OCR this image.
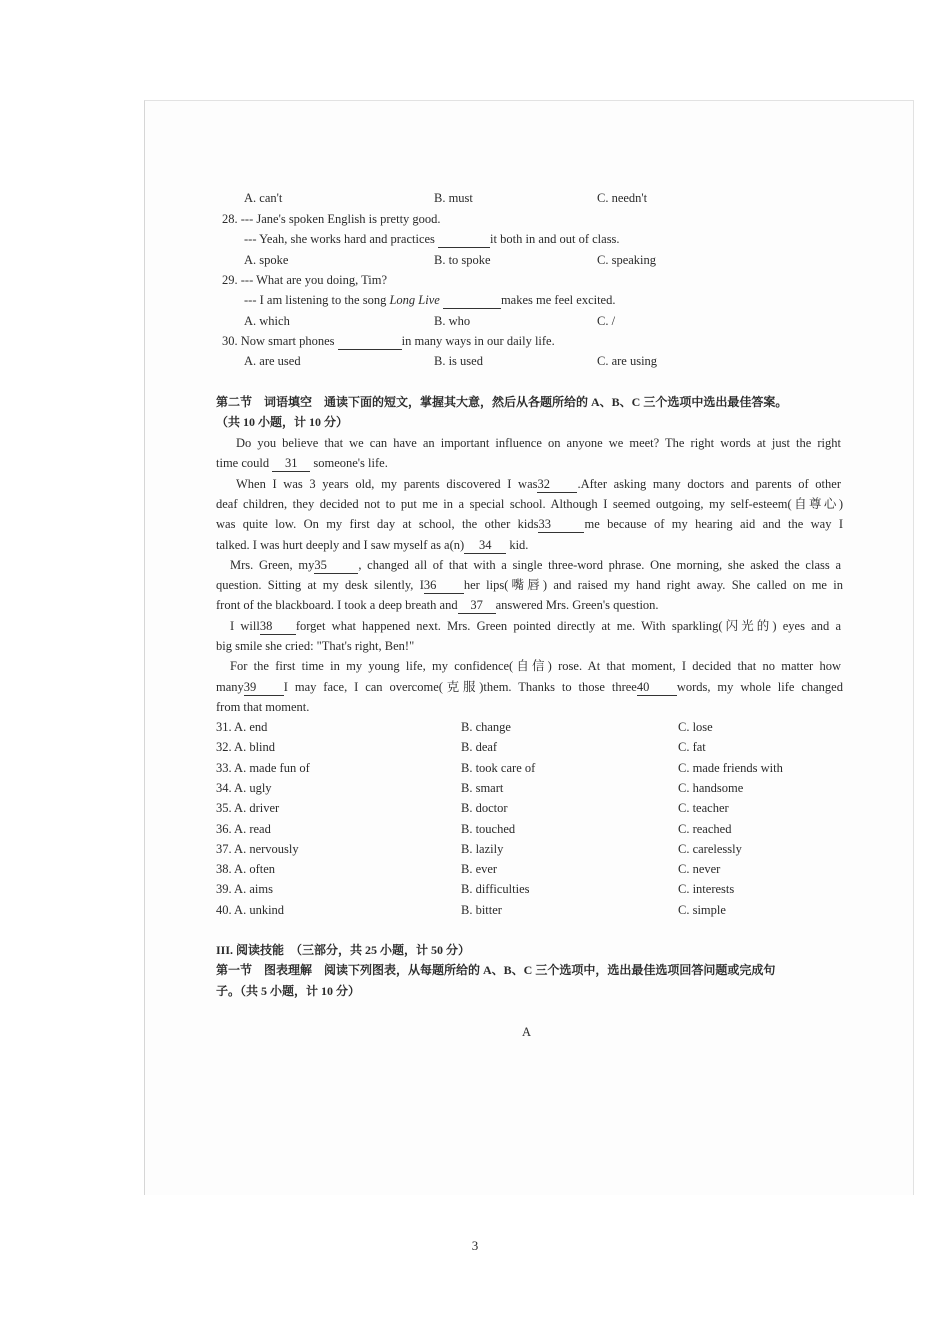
A. can't	B. must	C. needn't
28. --- Jane's spoken English is pretty good.
--- Yeah, she works hard and practices	it both in and out of class.
A. spoke	B. to spoke	C. speaking
29. --- What are you doing, Tim?
--- I am listening to the song Long Live	makes me feel excited.
A. which	B. who	C. /
30. Now smart phones	in many ways in our daily life.
A. are used	B. is used	C. are using
第二节　词语填空　通读下面的短文，掌握其大意，然后从各题所给的 A、B、C 三个选项中选出最佳答案。
（共 10 小题，计 10 分）
Do you believe that we can have an important influence on anyone we meet? The right words at just the right
time could 31 someone's life.
When I was 3 years old, my parents discovered I was32 .After asking many doctors and parents of other
deaf children, they decided not to put me in a special school. Although I seemed outgoing, my self-esteem(自尊心)
was quite low. On my first day at school, the other kids33	me because of my hearing aid and the way I
talked. I was hurt deeply and I saw myself as a(n) 34 kid.
Mrs. Green, my35	, changed all of that with a single three-word phrase. One morning, she asked the class a
question. Sitting at my desk silently, I36 her lips(嘴唇) and raised my hand right away. She called on me in
front of the blackboard. I took a deep breath and 37 answered Mrs. Green's question.
I will38 forget what happened next. Mrs. Green pointed directly at me. With sparkling(闪光的) eyes and a
big smile she cried: "That's right, Ben!"
For the first time in my young life, my confidence(自信) rose. At that moment, I decided that no matter how
many39 I may face, I can overcome(克服)them. Thanks to those three40 words, my whole life changed
from that moment.
31. A. end	B. change	C. lose
32. A. blind	B. deaf	C. fat
33. A. made fun of	B. took care of	C. made friends with
34. A. ugly	B. smart	C. handsome
35. A. driver	B. doctor	C. teacher
36. A. read	B. touched	C. reached
37. A. nervously	B. lazily	C. carelessly
38. A. often	B. ever	C. never
39. A. aims	B. difficulties	C. interests
40. A. unkind	B. bitter	C. simple
III. 阅读技能　（三部分，共 25 小题，计 50 分）
第一节　图表理解　阅读下列图表，从每题所给的 A、B、C 三个选项中，选出最佳选项回答问题或完成句
子。（共 5 小题，计 10 分）
A
3
